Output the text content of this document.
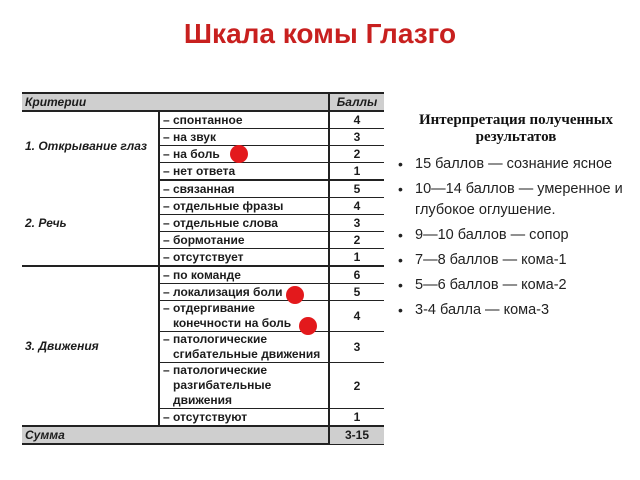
Шкала комы Глазго
Критерии		Баллы
1. Открывание глаз	– спонтанное	4
	– на звук	3
	– на боль	2
	– нет ответа	1
2. Речь	– связанная	5
	– отдельные фразы	4
	– отдельные слова	3
	– бормотание	2
	– отсутствует	1
3. Движения	– по команде	6
	– локализация боли	5

	– отдергивание
конечности на боль	4

	– патологические
сгибательные движения	3

	– патологические
разгибательные движения	2
	– отсутствуют	1
Сумма		3-15

Интерпретация полученных результатов

• 15 баллов — сознание ясное
• 10—14 баллов — умеренное и глубокое оглушение.
• 9—10 баллов — сопор
• 7—8 баллов — кома-1
• 5—6 баллов — кома-2
• 3-4 балла — кома-3
